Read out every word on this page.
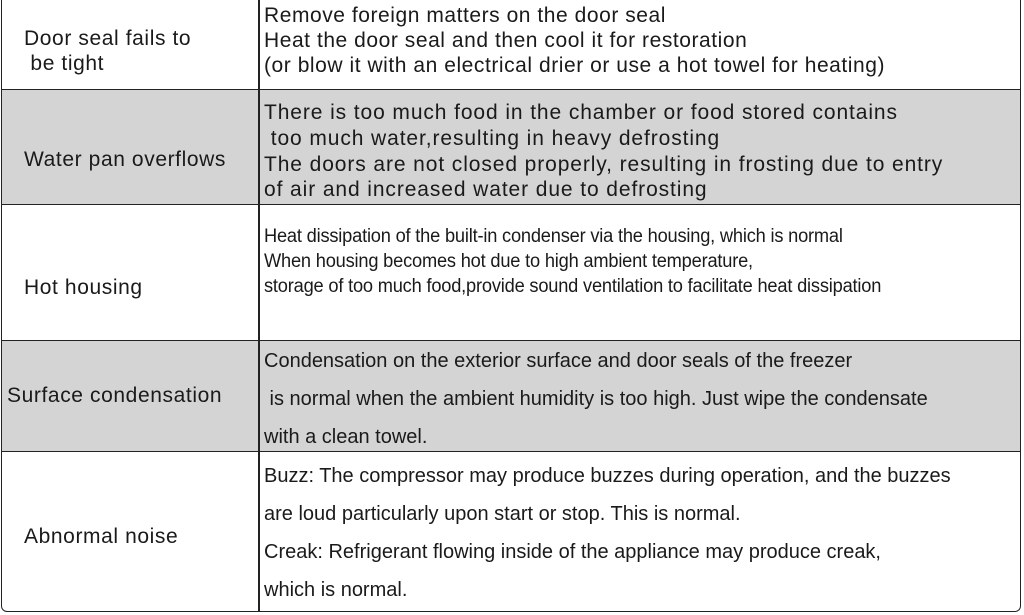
Door seal fails to
be tight
Remove foreign matters on the door seal
Heat the door seal and then cool it for restoration
(or blow it with an electrical drier or use a hot towel for heating)
Water pan overflows
There is too much food in the chamber or food stored contains
too much water,resulting in heavy defrosting
The doors are not closed properly, resulting in frosting due to entry
of air and increased water due to defrosting
Hot housing
Heat dissipation of the built-in condenser via the housing, which is normal
When housing becomes hot due to high ambient temperature,
storage of too much food,provide sound ventilation to facilitate heat dissipation
Surface condensation
Condensation on the exterior surface and door seals of the freezer
is normal when the ambient humidity is too high. Just wipe the condensate
with a clean towel.
Abnormal noise
Buzz: The compressor may produce buzzes during operation, and the buzzes
are loud particularly upon start or stop. This is normal.
Creak: Refrigerant flowing inside of the appliance may produce creak,
which is normal.
